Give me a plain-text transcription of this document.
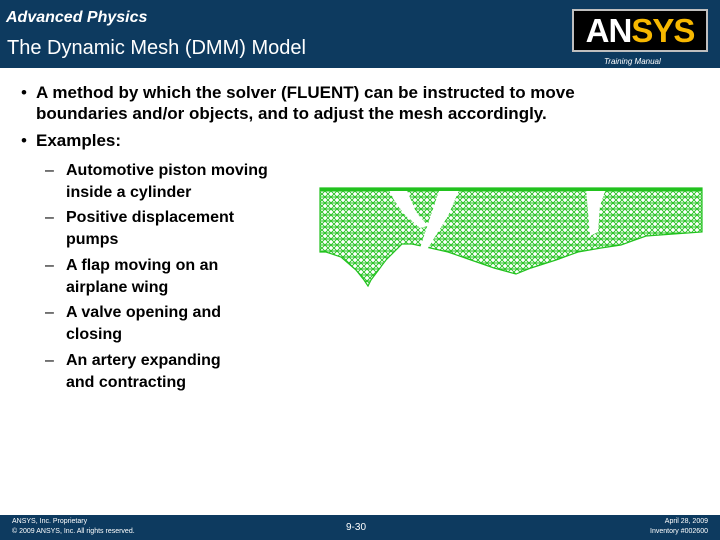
Advanced Physics
The Dynamic Mesh (DMM) Model	AN SYS
Training Manual
• A method by which the solver (FLUENT) can be instructed to move
boundaries and/or objects, and to adjust the mesh accordingly.
• Examples:
– Automotive piston moving
inside a cylinder
– Positive displacement
pumps
– A flap moving on an
airplane wing
– A valve opening and
closing
– An artery expanding
and contracting
ANSYS, Inc. Proprietary
© 2009 ANSYS, Inc. All rights reserved.	9-30
April 28, 2009
Inventory #002600
